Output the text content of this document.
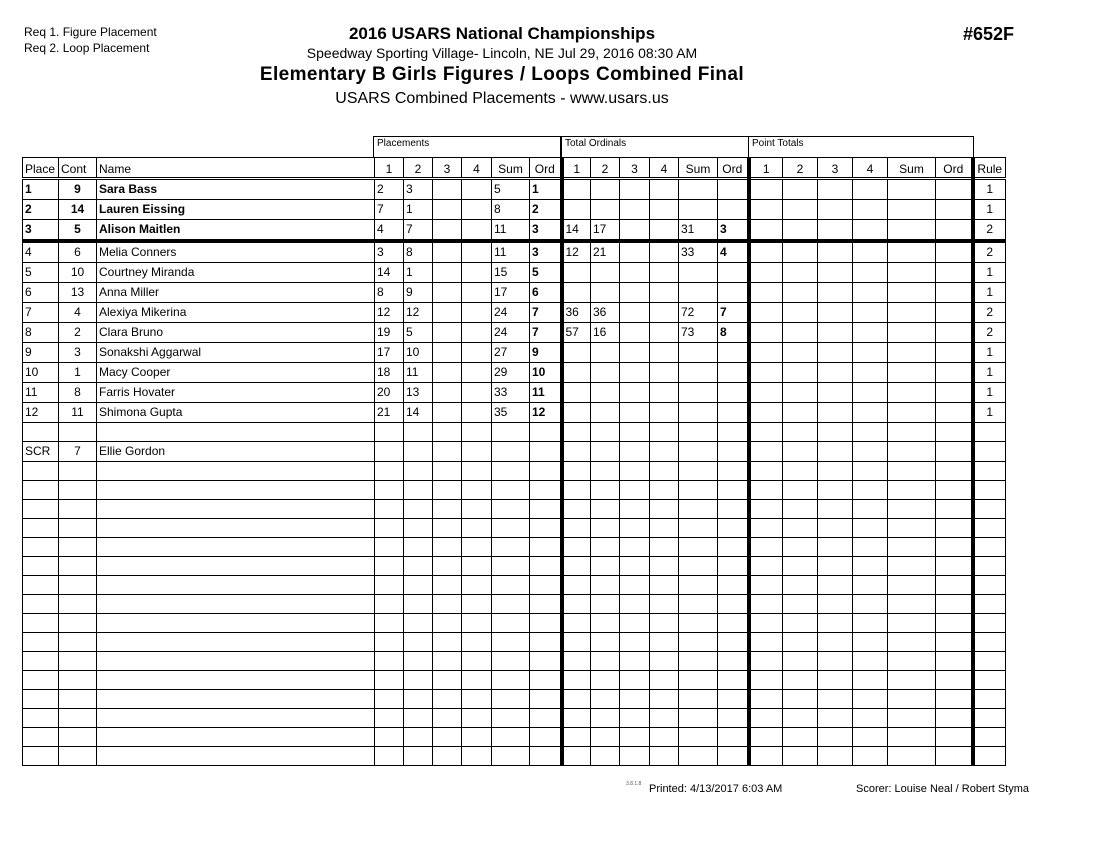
Req 1. Figure Placement
Req 2. Loop Placement
2016 USARS National Championships
Speedway Sporting Village- Lincoln, NE Jul 29, 2016 08:30 AM
Elementary B Girls Figures / Loops Combined Final
USARS Combined Placements - www.usars.us
#652F
Placements	Total Ordinals	Point Totals
Place	Cont	Name	1	2	3	4	Sum	Ord	1	2	3	4	Sum	Ord	1	2	3	4	Sum	Ord	Rule
1	9	Sara Bass	2	3			5	1													1
2	14	Lauren Eissing	7	1			8	2													1
3	5	Alison Maitlen	4	7			11	3	14	17			31	3							2
4	6	Melia Conners	3	8			11	3	12	21			33	4							2
5	10	Courtney Miranda	14	1			15	5													1
6	13	Anna Miller	8	9			17	6													1
7	4	Alexiya Mikerina	12	12			24	7	36	36			72	7							2
8	2	Clara Bruno	19	5			24	7	57	16			73	8							2
9	3	Sonakshi Aggarwal	17	10			27	9													1
10	1	Macy Cooper	18	11			29	10													1
11	8	Farris Hovater	20	13			33	11													1
12	11	Shimona Gupta	21	14			35	12													1

SCR	7	Ellie Gordon																			

3.8.1.8 Printed: 4/13/2017 6:03 AM	Scorer: Louise Neal / Robert Styma
